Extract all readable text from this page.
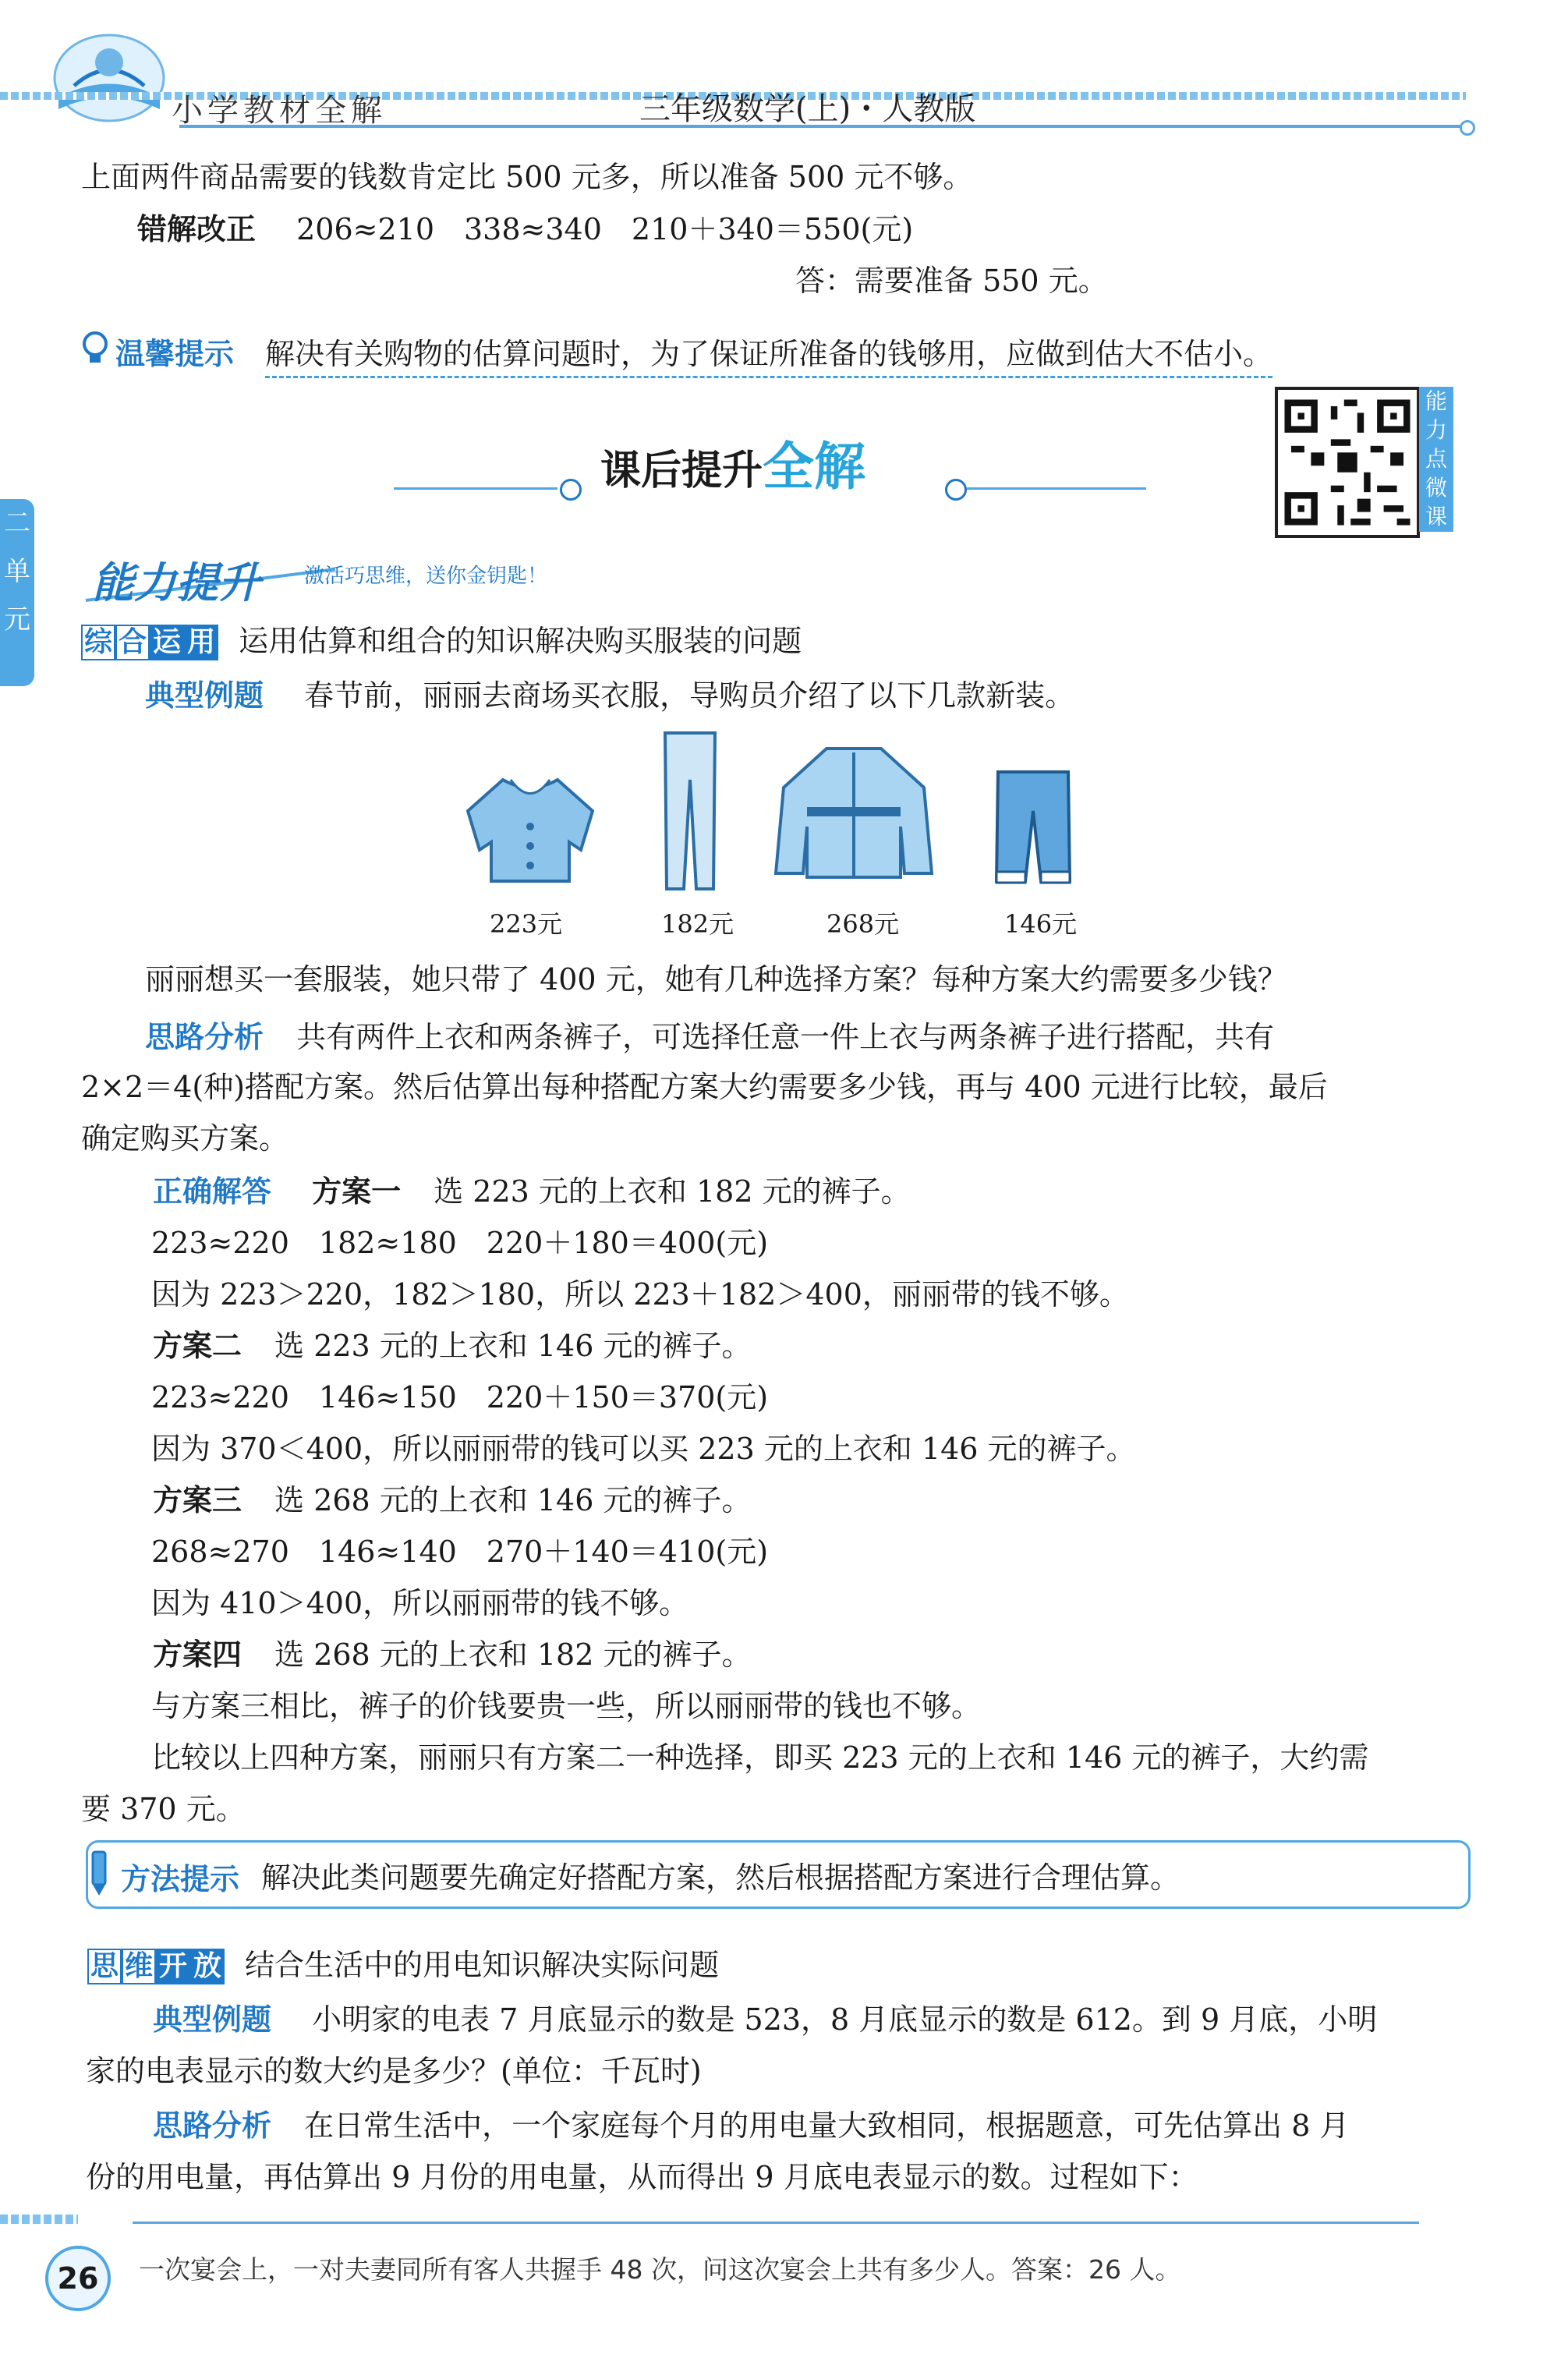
小学教材全解	三年级数学(上)・人教版
二
单
元
上面两件商品需要的钱数肯定比 500 元多，所以准备 500 元不够。
错解改正 206≈210　338≈340　210＋340＝550(元)
答：需要准备 550 元。
温馨提示 解决有关购物的估算问题时，为了保证所准备的钱够用，应做到估大不估小。
课后提升全解
能
力
点
微
课
能力提升 激活巧思维，送你金钥匙！
综 合 运 用 运用估算和组合的知识解决购买服装的问题
典型例题 春节前，丽丽去商场买衣服，导购员介绍了以下几款新装。
223元	182元	268元	146元
丽丽想买一套服装，她只带了 400 元，她有几种选择方案？每种方案大约需要多少钱？
思路分析 共有两件上衣和两条裤子，可选择任意一件上衣与两条裤子进行搭配，共有
2×2＝4(种)搭配方案。然后估算出每种搭配方案大约需要多少钱，再与 400 元进行比较，最后
确定购买方案。
正确解答 方案一 选 223 元的上衣和 182 元的裤子。
223≈220　182≈180　220＋180＝400(元)
因为 223＞220，182＞180，所以 223＋182＞400，丽丽带的钱不够。
方案二 选 223 元的上衣和 146 元的裤子。
223≈220　146≈150　220＋150＝370(元)
因为 370＜400，所以丽丽带的钱可以买 223 元的上衣和 146 元的裤子。
方案三 选 268 元的上衣和 146 元的裤子。
268≈270　146≈140　270＋140＝410(元)
因为 410＞400，所以丽丽带的钱不够。
方案四 选 268 元的上衣和 182 元的裤子。
与方案三相比，裤子的价钱要贵一些，所以丽丽带的钱也不够。
比较以上四种方案，丽丽只有方案二一种选择，即买 223 元的上衣和 146 元的裤子，大约需
要 370 元。
方法提示 解决此类问题要先确定好搭配方案，然后根据搭配方案进行合理估算。
思 维 开 放 结合生活中的用电知识解决实际问题
典型例题 小明家的电表 7 月底显示的数是 523，8 月底显示的数是 612。到 9 月底，小明
家的电表显示的数大约是多少？(单位：千瓦时)
思路分析 在日常生活中，一个家庭每个月的用电量大致相同，根据题意，可先估算出 8 月
份的用电量，再估算出 9 月份的用电量，从而得出 9 月底电表显示的数。过程如下：
26	一次宴会上，一对夫妻同所有客人共握手 48 次，问这次宴会上共有多少人。答案：26 人。
